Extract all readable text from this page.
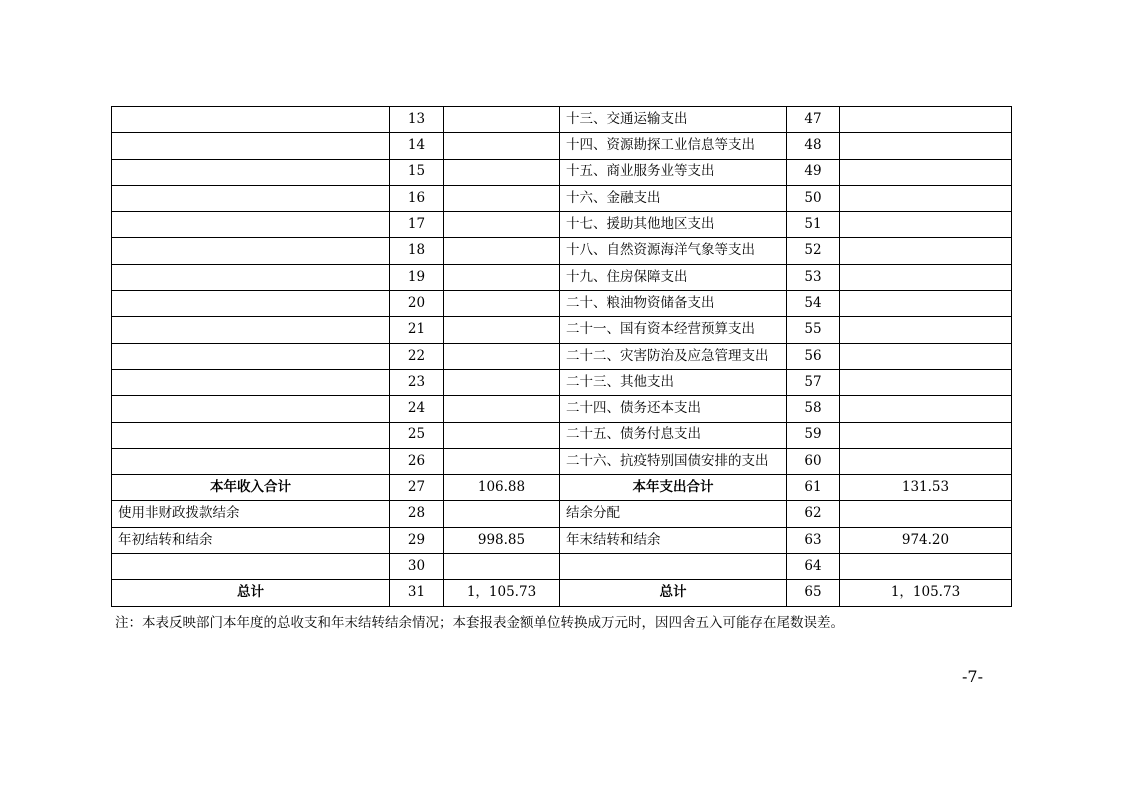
	13		十三、交通运输支出	47	
	14		十四、资源勘探工业信息等支出	48	
	15		十五、商业服务业等支出	49	
	16		十六、金融支出	50	
	17		十七、援助其他地区支出	51	
	18		十八、自然资源海洋气象等支出	52	
	19		十九、住房保障支出	53	
	20		二十、粮油物资储备支出	54	
	21		二十一、国有资本经营预算支出	55	
	22		二十二、灾害防治及应急管理支出	56	
	23		二十三、其他支出	57	
	24		二十四、债务还本支出	58	
	25		二十五、债务付息支出	59	
	26		二十六、抗疫特别国债安排的支出	60	
本年收入合计	27	106.88	本年支出合计	61	131.53
使用非财政拨款结余	28		结余分配	62	
年初结转和结余	29	998.85	年末结转和结余	63	974.20
	30			64	
总计	31	1，105.73	总计	65	1，105.73
注：本表反映部门本年度的总收支和年末结转结余情况；本套报表金额单位转换成万元时，因四舍五入可能存在尾数误差。
-7-
